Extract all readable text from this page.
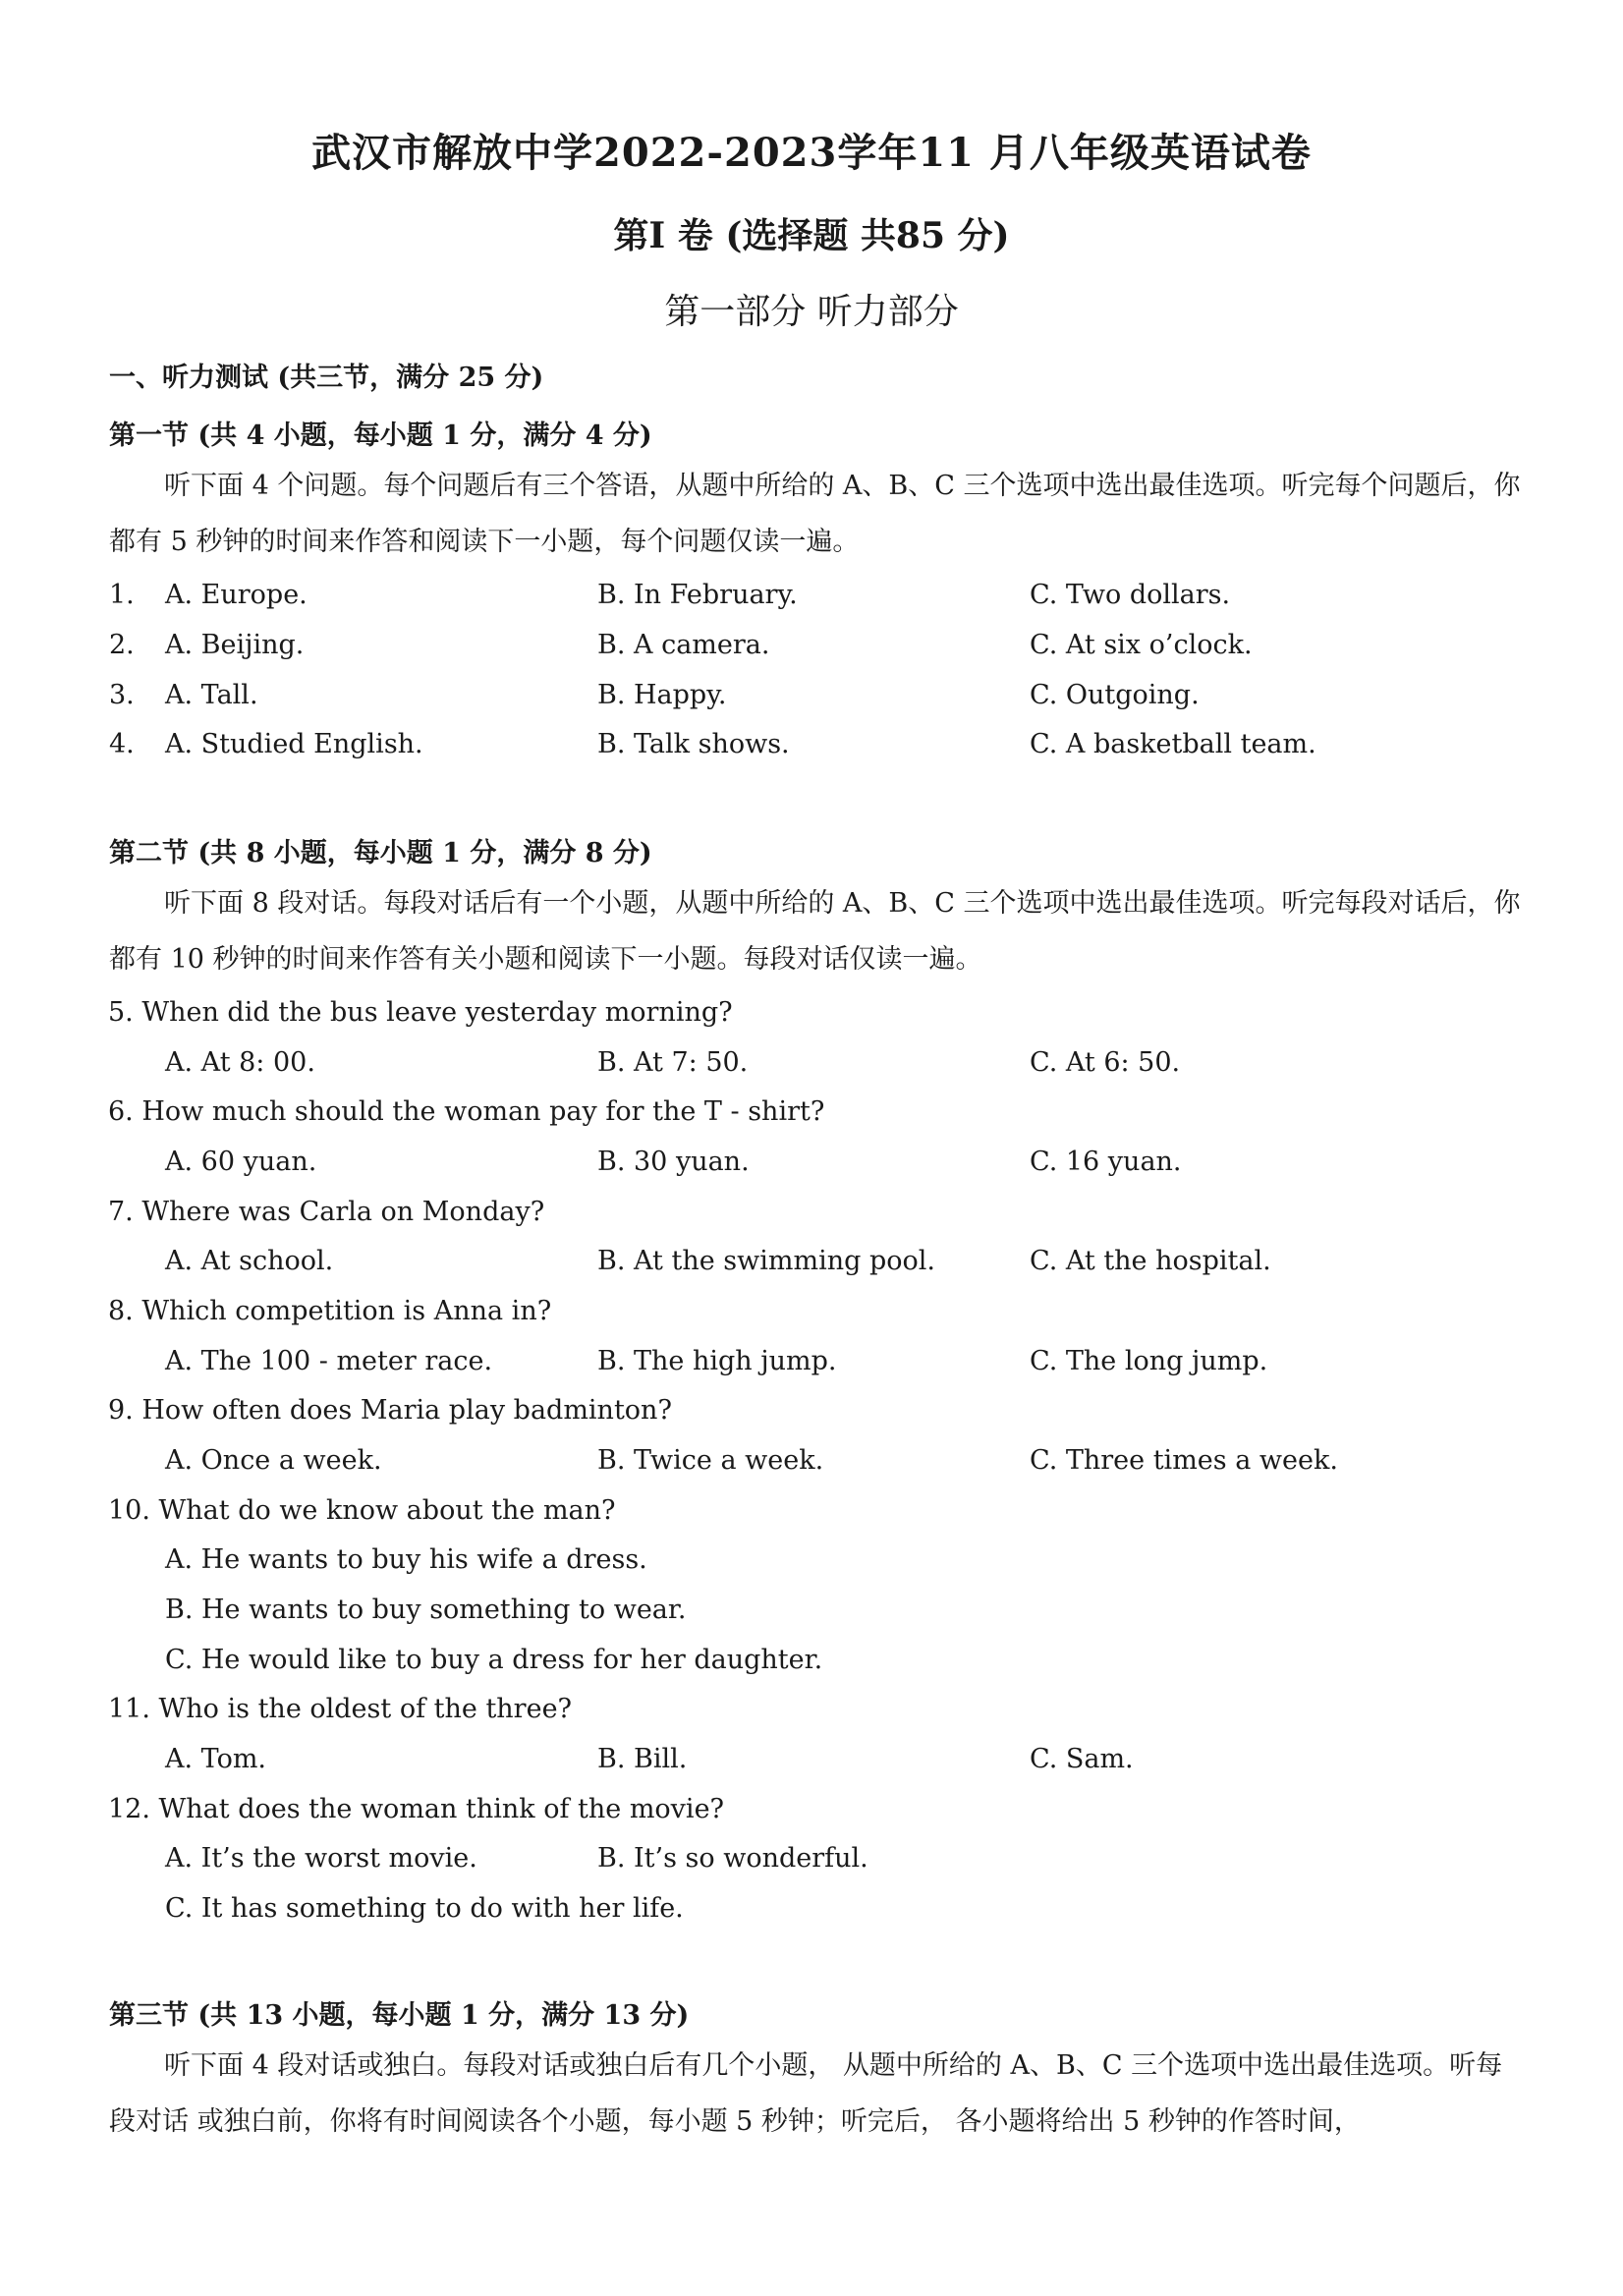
武汉市解放中学2022-2023学年11 月八年级英语试卷
第I 卷 (选择题 共85 分)
第一部分 听力部分
一、听力测试 (共三节，满分 25 分)
第一节 (共 4 小题，每小题 1 分，满分 4 分)
听下面 4 个问题。每个问题后有三个答语，从题中所给的 A、B、C 三个选项中选出最佳选项。听完每个问题后，你都有 5 秒钟的时间来作答和阅读下一小题，每个问题仅读一遍。
1. A. Europe.	B. In February.	C. Two dollars.
2. A. Beijing.	B. A camera.	C. At six o’clock.
3. A. Tall.	B. Happy.	C. Outgoing.
4. A. Studied English.	B. Talk shows.	C. A basketball team.
第二节 (共 8 小题，每小题 1 分，满分 8 分)
听下面 8 段对话。每段对话后有一个小题，从题中所给的 A、B、C 三个选项中选出最佳选项。听完每段对话后，你都有 10 秒钟的时间来作答有关小题和阅读下一小题。每段对话仅读一遍。
5. When did the bus leave yesterday morning?
A. At 8: 00.	B. At 7: 50.	C. At 6: 50.
6. How much should the woman pay for the T - shirt?
A. 60 yuan.	B. 30 yuan.	C. 16 yuan.
7. Where was Carla on Monday?
A. At school.	B. At the swimming pool.	C. At the hospital.
8. Which competition is Anna in?
A. The 100 - meter race.	B. The high jump.	C. The long jump.
9. How often does Maria play badminton?
A. Once a week.	B. Twice a week.	C. Three times a week.
10. What do we know about the man?
A. He wants to buy his wife a dress.
B. He wants to buy something to wear.
C. He would like to buy a dress for her daughter.
11. Who is the oldest of the three?
A. Tom.	B. Bill.	C. Sam.
12. What does the woman think of the movie?
A. It’s the worst movie.	B. It’s so wonderful.
C. It has something to do with her life.
第三节 (共 13 小题，每小题 1 分，满分 13 分)
听下面 4 段对话或独白。每段对话或独白后有几个小题， 从题中所给的 A、B、C 三个选项中选出最佳选项。听每段对话 或独白前，你将有时间阅读各个小题，每小题 5 秒钟；听完后， 各小题将给出 5 秒钟的作答时间，
